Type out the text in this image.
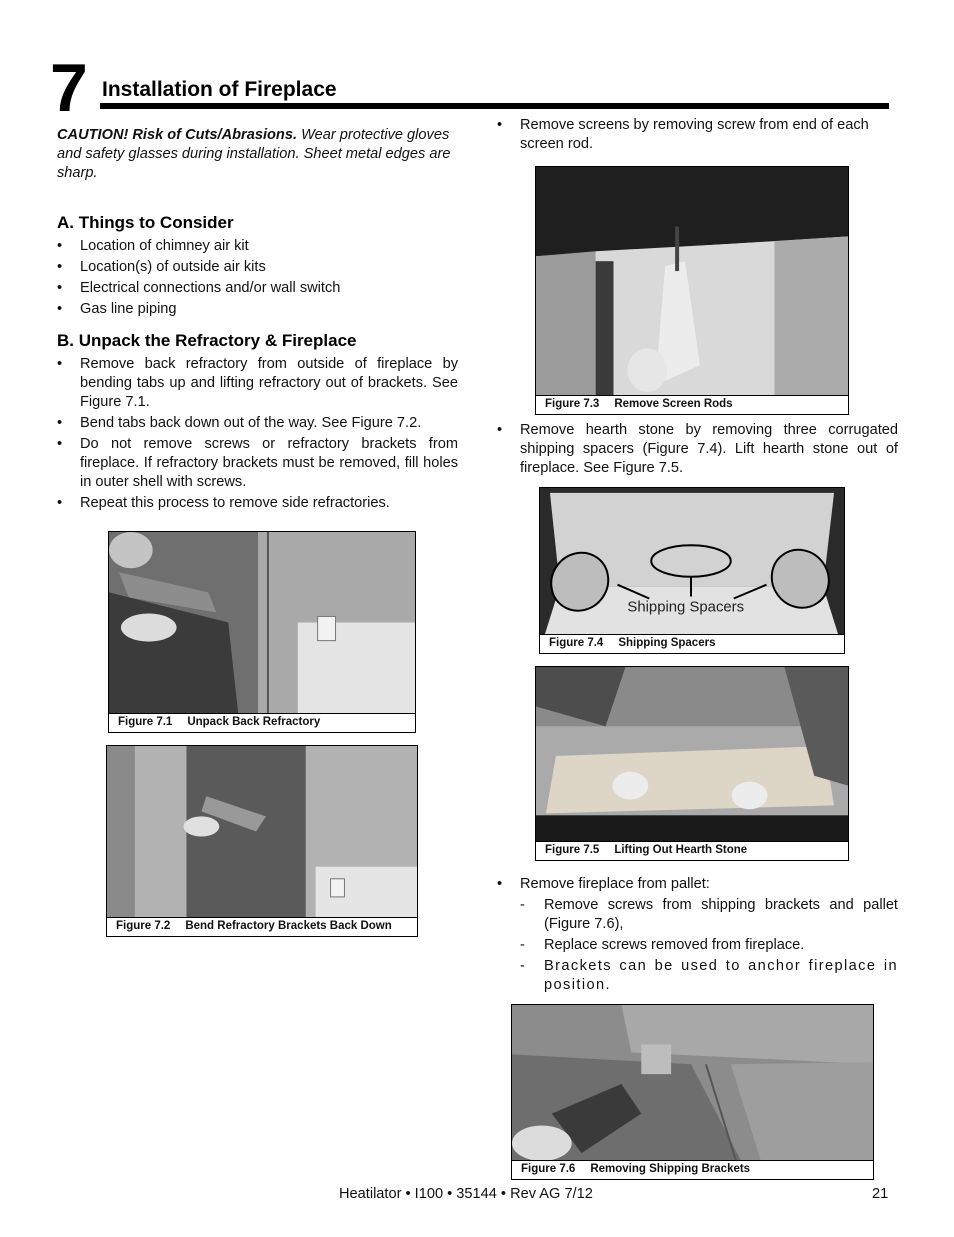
7 Installation of Fireplace
CAUTION! Risk of Cuts/Abrasions. Wear protective gloves and safety glasses during installation. Sheet metal edges are sharp.
A. Things to Consider
• Location of chimney air kit
• Location(s) of outside air kits
• Electrical connections and/or wall switch
• Gas line piping
B. Unpack the Refractory & Fireplace
• Remove back refractory from outside of fireplace by bending tabs up and lifting refractory out of brackets. See Figure 7.1.
• Bend tabs back down out of the way. See Figure 7.2.
• Do not remove screws or refractory brackets from fireplace. If refractory brackets must be removed, fill holes in outer shell with screws.
• Repeat this process to remove side refractories.
Figure 7.1 Unpack Back Refractory
Figure 7.2 Bend Refractory Brackets Back Down
• Remove screens by removing screw from end of each screen rod.
Figure 7.3 Remove Screen Rods
• Remove hearth stone by removing three corrugated shipping spacers (Figure 7.4). Lift hearth stone out of fireplace. See Figure 7.5.
Shipping Spacers
Figure 7.4 Shipping Spacers
Figure 7.5 Lifting Out Hearth Stone
• Remove fireplace from pallet:
- Remove screws from shipping brackets and pallet (Figure 7.6),
- Replace screws removed from fireplace.
- Brackets can be used to anchor fireplace in position.
Figure 7.6 Removing Shipping Brackets
Heatilator • I100 • 35144 • Rev AG 7/12	21
